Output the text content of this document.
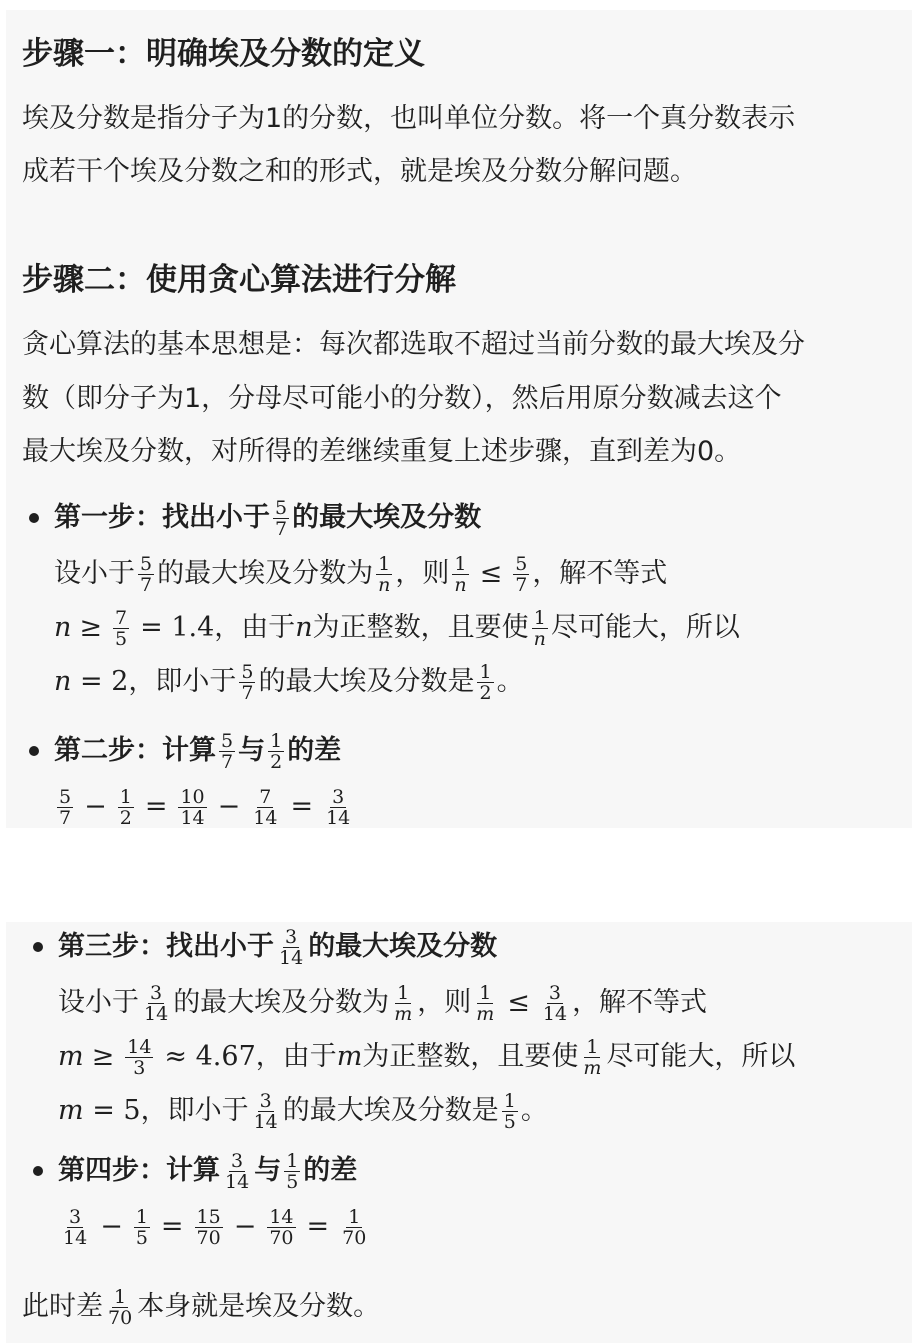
步骤一：明确埃及分数的定义

埃及分数是指分子为1的分数，也叫单位分数。将一个真分数表示

成若干个埃及分数之和的形式，就是埃及分数分解问题。

步骤二：使用贪心算法进行分解

贪心算法的基本思想是：每次都选取不超过当前分数的最大埃及分

数（即分子为1，分母尽可能小的分数），然后用原分数减去这个

最大埃及分数，对所得的差继续重复上述步骤，直到差为0。

第一步：找出小于 $\frac{5}{7}$ 的最大埃及分数
设小于 $\frac{5}{7}$ 的最大埃及分数为 $\frac{1}{n}$ ，则 $\frac{1}{n} \le \frac{5}{7}$ ，解不等式
$n \ge \frac{7}{5} = 1.4$，由于n为正整数，且要使 $\frac{1}{n}$ 尽可能大，所以
n = 2，即小于 $\frac{5}{7}$ 的最大埃及分数是 $\frac{1}{2}$ 。
第二步：计算 $\frac{5}{7}$ 与 $\frac{1}{2}$ 的差
$\frac{5}{7} - \frac{1}{2} = \frac{10}{14} - \frac{7}{14} = \frac{3}{14}$
第三步：找出小于 $\frac{3}{14}$ 的最大埃及分数
设小于 $\frac{3}{14}$ 的最大埃及分数为 $\frac{1}{m}$ ，则 $\frac{1}{m} \le \frac{3}{14}$ ，解不等式
$m \ge \frac{14}{3} \approx 4.67$，由于m为正整数，且要使 $\frac{1}{m}$ 尽可能大，所以
m = 5，即小于 $\frac{3}{14}$ 的最大埃及分数是 $\frac{1}{5}$ 。
第四步：计算 $\frac{3}{14}$ 与 $\frac{1}{5}$ 的差
$\frac{3}{14} - \frac{1}{5} = \frac{15}{70} - \frac{14}{70} = \frac{1}{70}$
此时差 $\frac{1}{70}$ 本身就是埃及分数。
